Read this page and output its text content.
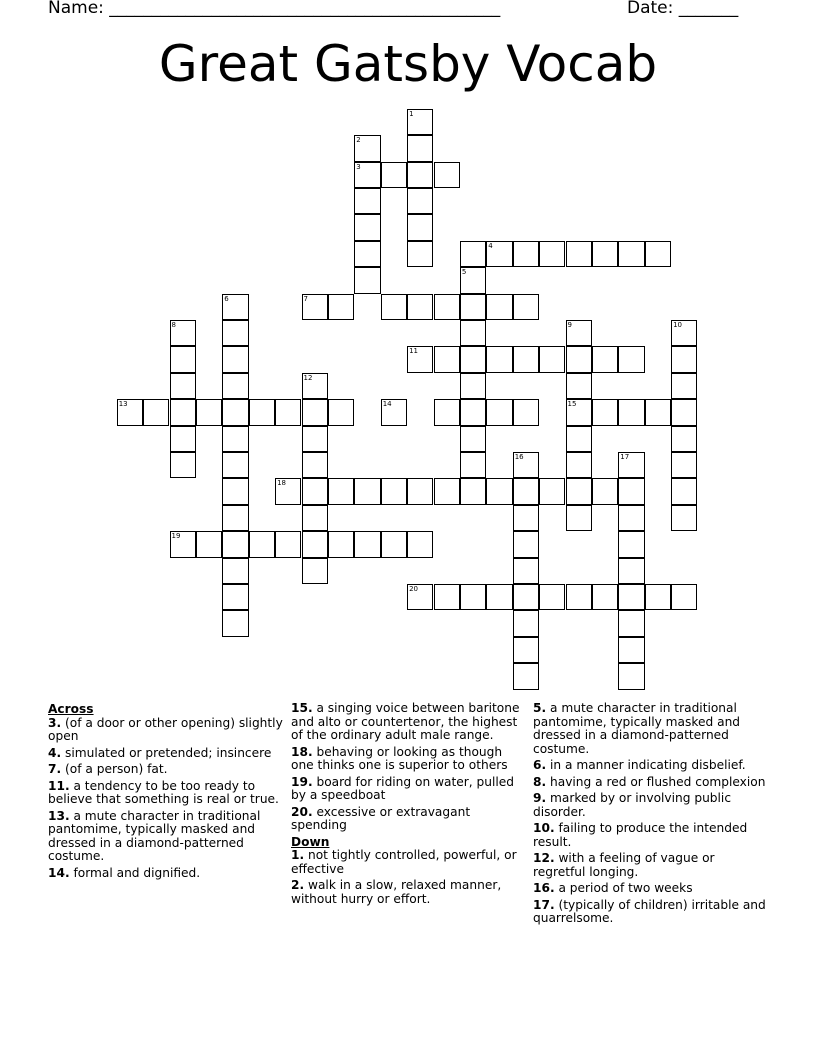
Name: ______________________________________________	Date: _______
Great Gatsby Vocab
1
2
3
4
5
6	7
8	9	10
11
12
13	14	15
16	17
18
19
20
Across
3. (of a door or other opening) slightly open
4. simulated or pretended; insincere
7. (of a person) fat.
11. a tendency to be too ready to believe that something is real or true.
13. a mute character in traditional pantomime, typically masked and dressed in a diamond-patterned costume.
14. formal and dignified.
15. a singing voice between baritone and alto or countertenor, the highest of the ordinary adult male range.
18. behaving or looking as though one thinks one is superior to others
19. board for riding on water, pulled by a speedboat
20. excessive or extravagant spending
Down
1. not tightly controlled, powerful, or effective
2. walk in a slow, relaxed manner, without hurry or effort.
5. a mute character in traditional pantomime, typically masked and dressed in a diamond-patterned costume.
6. in a manner indicating disbelief.
8. having a red or flushed complexion
9. marked by or involving public disorder.
10. failing to produce the intended result.
12. with a feeling of vague or regretful longing.
16. a period of two weeks
17. (typically of children) irritable and quarrelsome.
